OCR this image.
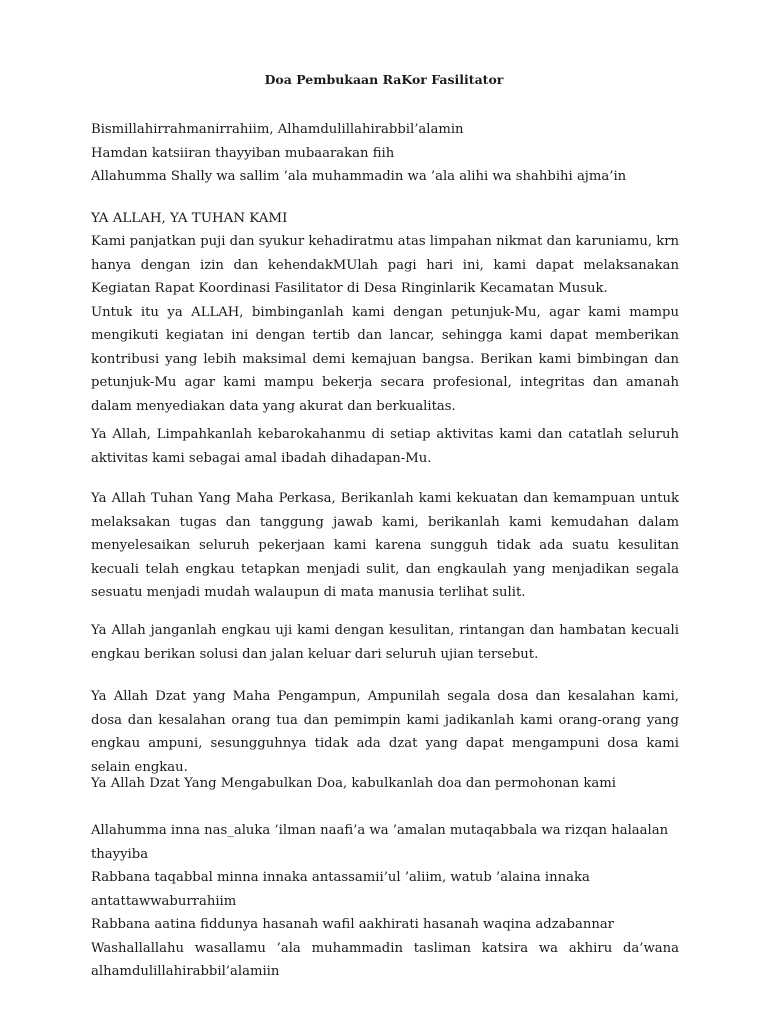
Doa Pembukaan RaKor Fasilitator

Bismillahirrahmanirrahiim, Alhamdulillahirabbil’alamin

Hamdan katsiiran thayyiban mubaarakan fiih

Allahumma Shally wa sallim ’ala muhammadin wa ’ala alihi wa shahbihi ajma’in

YA ALLAH, YA TUHAN KAMI

Kami panjatkan puji dan syukur kehadiratmu atas limpahan nikmat dan karuniamu, krn hanya dengan izin dan kehendakMUlah pagi hari ini, kami dapat melaksanakan Kegiatan Rapat Koordinasi Fasilitator di Desa Ringinlarik Kecamatan Musuk.

Untuk itu ya ALLAH, bimbinganlah kami dengan petunjuk-Mu, agar kami mampu mengikuti kegiatan ini dengan tertib dan lancar, sehingga kami dapat memberikan kontribusi yang lebih maksimal demi kemajuan bangsa. Berikan kami bimbingan dan petunjuk-Mu agar kami mampu bekerja secara profesional, integritas dan amanah dalam menyediakan data yang akurat dan berkualitas.

Ya Allah, Limpahkanlah kebarokahanmu di setiap aktivitas kami dan catatlah seluruh aktivitas kami sebagai amal ibadah dihadapan-Mu.

Ya Allah Tuhan Yang Maha Perkasa, Berikanlah kami kekuatan dan kemampuan untuk melaksakan tugas dan tanggung jawab kami, berikanlah kami kemudahan dalam menyelesaikan seluruh pekerjaan kami karena sungguh tidak ada suatu kesulitan kecuali telah engkau tetapkan menjadi sulit, dan engkaulah yang menjadikan segala sesuatu menjadi mudah walaupun di mata manusia terlihat sulit.

Ya Allah janganlah engkau uji kami dengan kesulitan, rintangan dan hambatan kecuali engkau berikan solusi dan jalan keluar dari seluruh ujian tersebut.

Ya Allah Dzat yang Maha Pengampun, Ampunilah segala dosa dan kesalahan kami, dosa dan kesalahan orang tua dan pemimpin kami jadikanlah kami orang-orang yang engkau ampuni, sesungguhnya tidak ada dzat yang dapat mengampuni dosa kami selain engkau.

Ya Allah Dzat Yang Mengabulkan Doa, kabulkanlah doa dan permohonan kami

Allahumma inna nas_aluka ’ilman naafi’a wa ’amalan mutaqabbala wa rizqan halaalan thayyiba

Rabbana taqabbal minna innaka antassamii’ul ’aliim, watub ’alaina innaka antattawwaburrahiim

Rabbana aatina fiddunya hasanah wafil aakhirati hasanah waqina adzabannar

Washallallahu wasallamu ’ala muhammadin tasliman katsira wa akhiru da’wana alhamdulillahirabbil’alamiin
